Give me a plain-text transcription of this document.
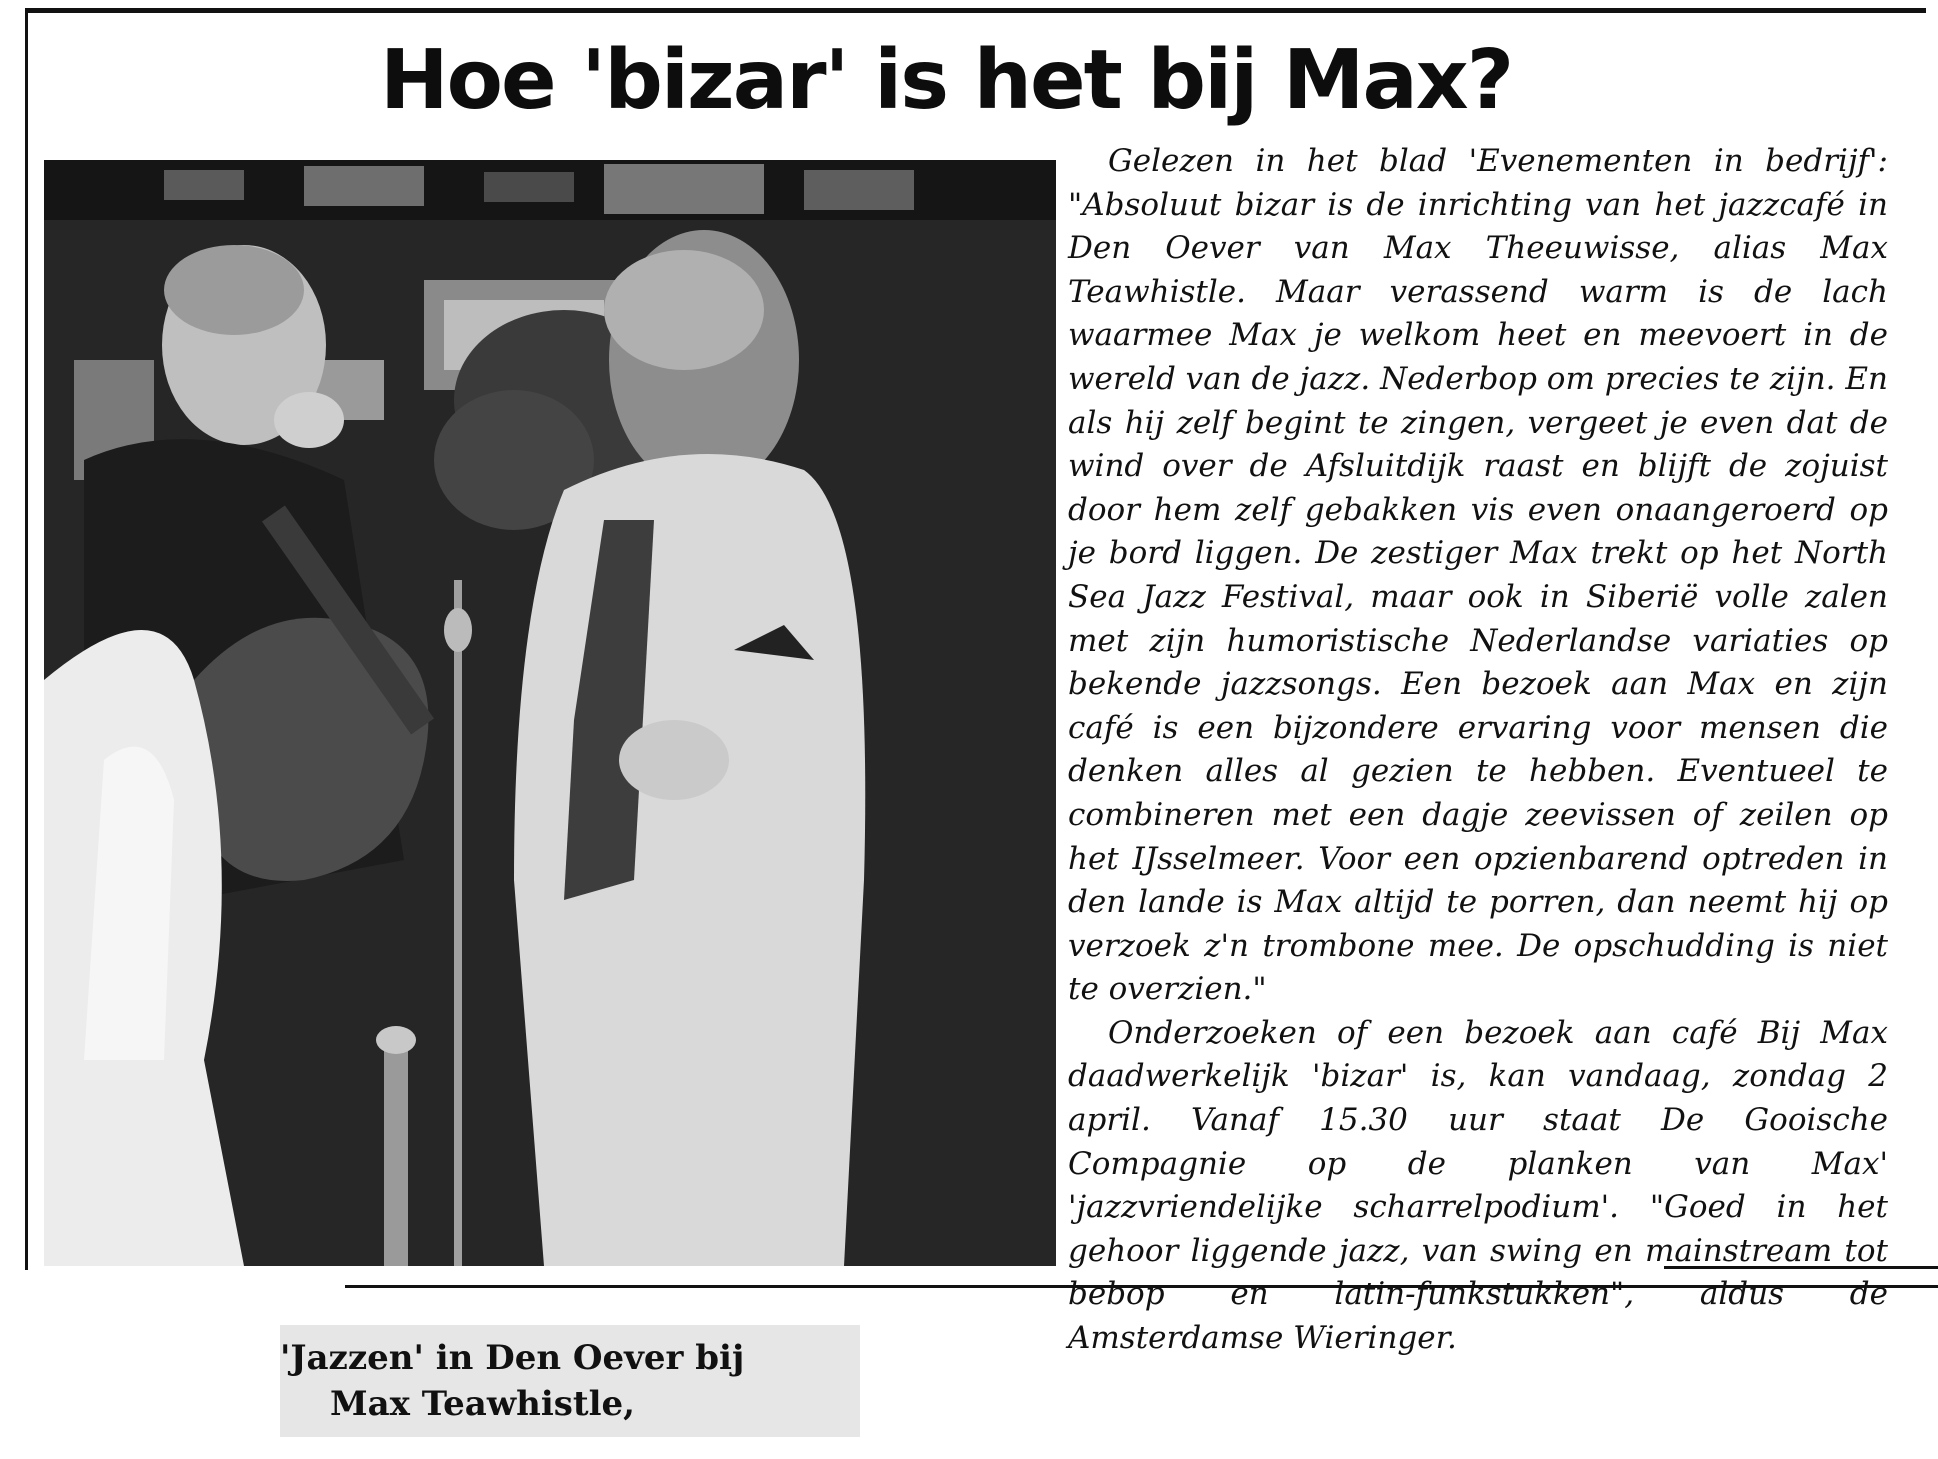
Hoe 'bizar' is het bij Max?

Gelezen in het blad 'Evenementen in bedrijf': "Absoluut bizar is de inrichting van het jazzcafé in Den Oever van Max Theeuwisse, alias Max Teawhistle. Maar verassend warm is de lach waarmee Max je welkom heet en meevoert in de wereld van de jazz. Nederbop om precies te zijn. En als hij zelf begint te zingen, vergeet je even dat de wind over de Afsluitdijk raast en blijft de zojuist door hem zelf gebakken vis even onaangeroerd op je bord liggen. De zestiger Max trekt op het North Sea Jazz Festival, maar ook in Siberië volle zalen met zijn humoristische Nederlandse variaties op bekende jazzsongs. Een bezoek aan Max en zijn café is een bijzondere ervaring voor mensen die denken alles al gezien te hebben. Eventueel te combineren met een dagje zeevissen of zeilen op het IJsselmeer. Voor een opzienbarend optreden in den lande is Max altijd te porren, dan neemt hij op verzoek z'n trombone mee. De opschudding is niet te overzien."

Onderzoeken of een bezoek aan café Bij Max daadwerkelijk 'bizar' is, kan vandaag, zondag 2 april. Vanaf 15.30 uur staat De Gooische Compagnie op de planken van Max' 'jazzvriendelijke scharrelpodium'. "Goed in het gehoor liggende jazz, van swing en mainstream tot bebop en latin-funkstukken", aldus de Amsterdamse Wieringer.

'Jazzen' in Den Oever bij
Max Teawhistle,
